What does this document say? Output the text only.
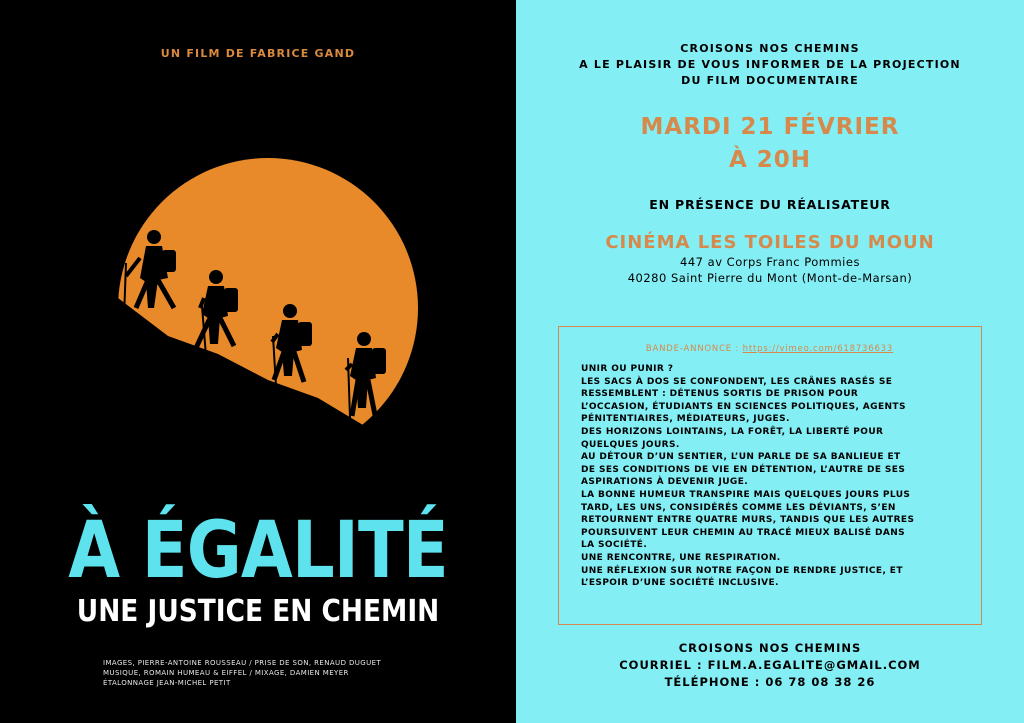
UN FILM DE FABRICE GAND
À ÉGALITÉ
UNE JUSTICE EN CHEMIN
IMAGES, PIERRE-ANTOINE ROUSSEAU / PRISE DE SON, RENAUD DUGUET
MUSIQUE, ROMAIN HUMEAU & EIFFEL / MIXAGE, DAMIEN MEYER
ÉTALONNAGE JEAN-MICHEL PETIT
CROISONS NOS CHEMINS
A LE PLAISIR DE VOUS INFORMER DE LA PROJECTION
DU FILM DOCUMENTAIRE
MARDI 21 FÉVRIER
À 20H
EN PRÉSENCE DU RÉALISATEUR
CINÉMA LES TOILES DU MOUN
447 av Corps Franc Pommies
40280 Saint Pierre du Mont (Mont-de-Marsan)
BANDE-ANNONCE : https://vimeo.com/618736633
UNIR OU PUNIR ?
LES SACS À DOS SE CONFONDENT, LES CRÂNES RASÉS SE
RESSEMBLENT : DÉTENUS SORTIS DE PRISON POUR
L’OCCASION, ÉTUDIANTS EN SCIENCES POLITIQUES, AGENTS
PÉNITENTIAIRES, MÉDIATEURS, JUGES.
DES HORIZONS LOINTAINS, LA FORÊT, LA LIBERTÉ POUR
QUELQUES JOURS.
AU DÉTOUR D’UN SENTIER, L’UN PARLE DE SA BANLIEUE ET
DE SES CONDITIONS DE VIE EN DÉTENTION, L’AUTRE DE SES
ASPIRATIONS À DEVENIR JUGE.
LA BONNE HUMEUR TRANSPIRE MAIS QUELQUES JOURS PLUS
TARD, LES UNS, CONSIDÉRÉS COMME LES DÉVIANTS, S’EN
RETOURNENT ENTRE QUATRE MURS, TANDIS QUE LES AUTRES
POURSUIVENT LEUR CHEMIN AU TRACÉ MIEUX BALISÉ DANS
LA SOCIÉTÉ.
UNE RENCONTRE, UNE RESPIRATION.
UNE RÉFLEXION SUR NOTRE FAÇON DE RENDRE JUSTICE, ET
L’ESPOIR D’UNE SOCIÉTÉ INCLUSIVE.
CROISONS NOS CHEMINS
COURRIEL : FILM.A.EGALITE@GMAIL.COM
TÉLÉPHONE : 06 78 08 38 26
